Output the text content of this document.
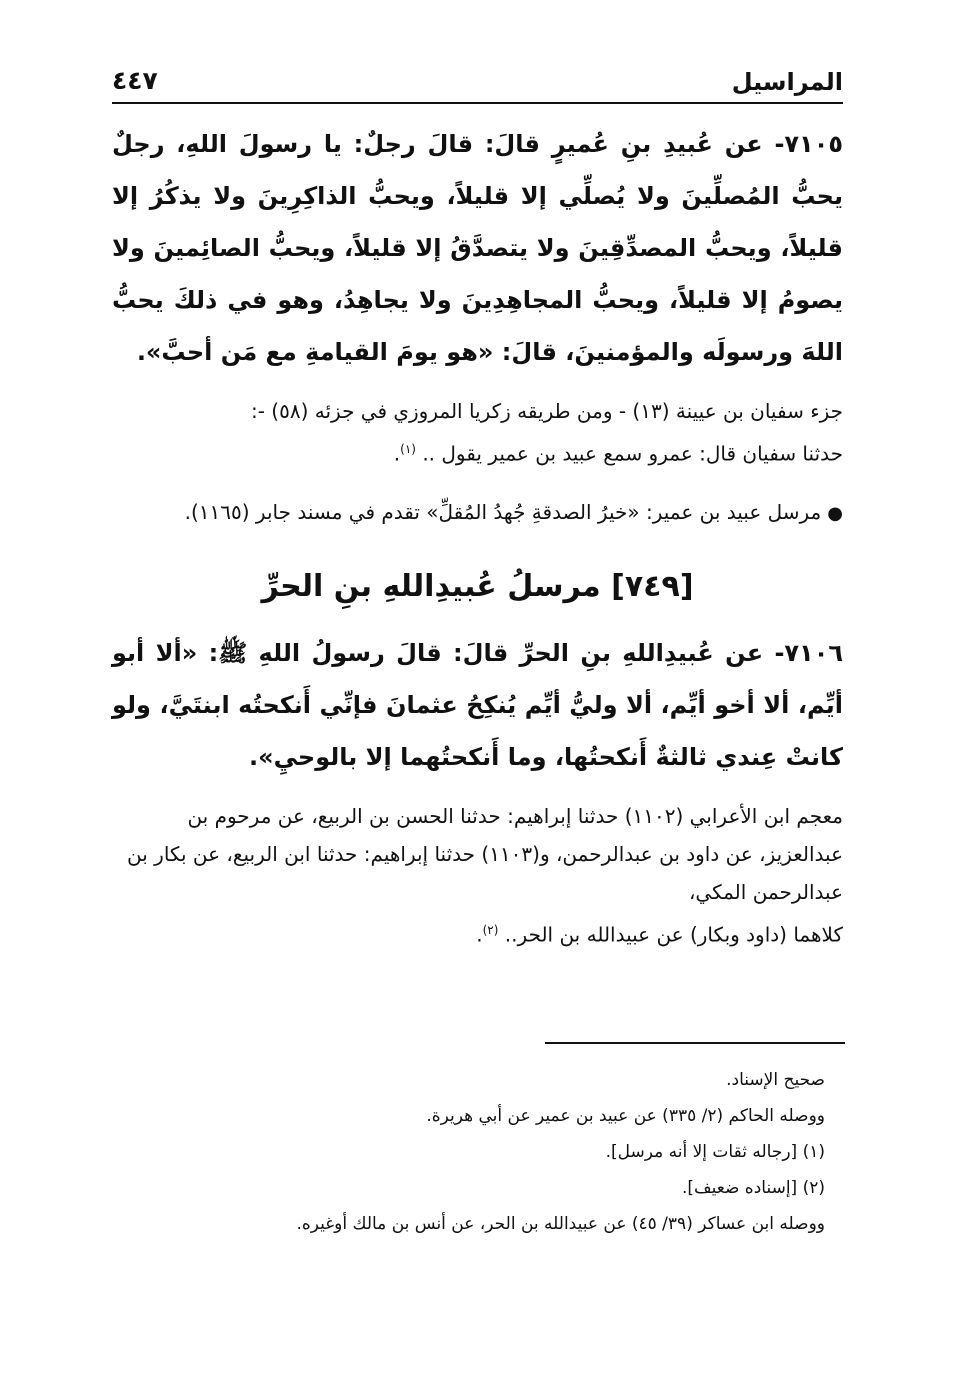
المراسيل
٤٤٧

٧١٠٥- عن عُبيدِ بنِ عُميرٍ قالَ: قالَ رجلٌ: يا رسولَ اللهِ، رجلٌ يحبُّ المُصلِّينَ ولا يُصلِّي إلا قليلاً، ويحبُّ الذاكِرِينَ ولا يذكُرُ إلا قليلاً، ويحبُّ المصدِّقِينَ ولا يتصدَّقُ إلا قليلاً، ويحبُّ الصائِمينَ ولا يصومُ إلا قليلاً، ويحبُّ المجاهِدِينَ ولا يجاهِدُ، وهو في ذلكَ يحبُّ اللهَ ورسولَه والمؤمنينَ، قالَ: «هو يومَ القيامةِ مع مَن أحبَّ».

جزء سفيان بن عيينة (١٣) - ومن طريقه زكريا المروزي في جزئه (٥٨) -:

حدثنا سفيان قال: عمرو سمع عبيد بن عمير يقول .. $^{(١)}$.

●مرسل عبيد بن عمير: «خيرُ الصدقةِ جُهدُ المُقلِّ» تقدم في مسند جابر (١١٦٥).

[٧٤٩] مرسلُ عُبيدِاللهِ بنِ الحرِّ

٧١٠٦- عن عُبيدِاللهِ بنِ الحرِّ قالَ: قالَ رسولُ اللهِ ﷺ: «ألا أبو أيِّم، ألا أخو أيِّم، ألا وليُّ أيِّم يُنكِحُ عثمانَ فإنِّي أَنكحتُه ابنتَيَّ، ولو كانتْ عِندي ثالثةٌ أَنكحتُها، وما أَنكحتُهما إلا بالوحيِ».

معجم ابن الأعرابي (١١٠٢) حدثنا إبراهيم: حدثنا الحسن بن الربيع، عن مرحوم بن عبدالعزيز، عن داود بن عبدالرحمن، و(١١٠٣) حدثنا إبراهيم: حدثنا ابن الربيع، عن بكار بن عبدالرحمن المكي،

كلاهما (داود وبكار) عن عبيدالله بن الحر.. $^{(٢)}$.

صحيح الإسناد.

ووصله الحاكم (٢/ ٣٣٥) عن عبيد بن عمير عن أبي هريرة.

(١) [رجاله ثقات إلا أنه مرسل].

(٢) [إسناده ضعيف].

ووصله ابن عساكر (٣٩/ ٤٥) عن عبيدالله بن الحر، عن أنس بن مالك أوغيره.
